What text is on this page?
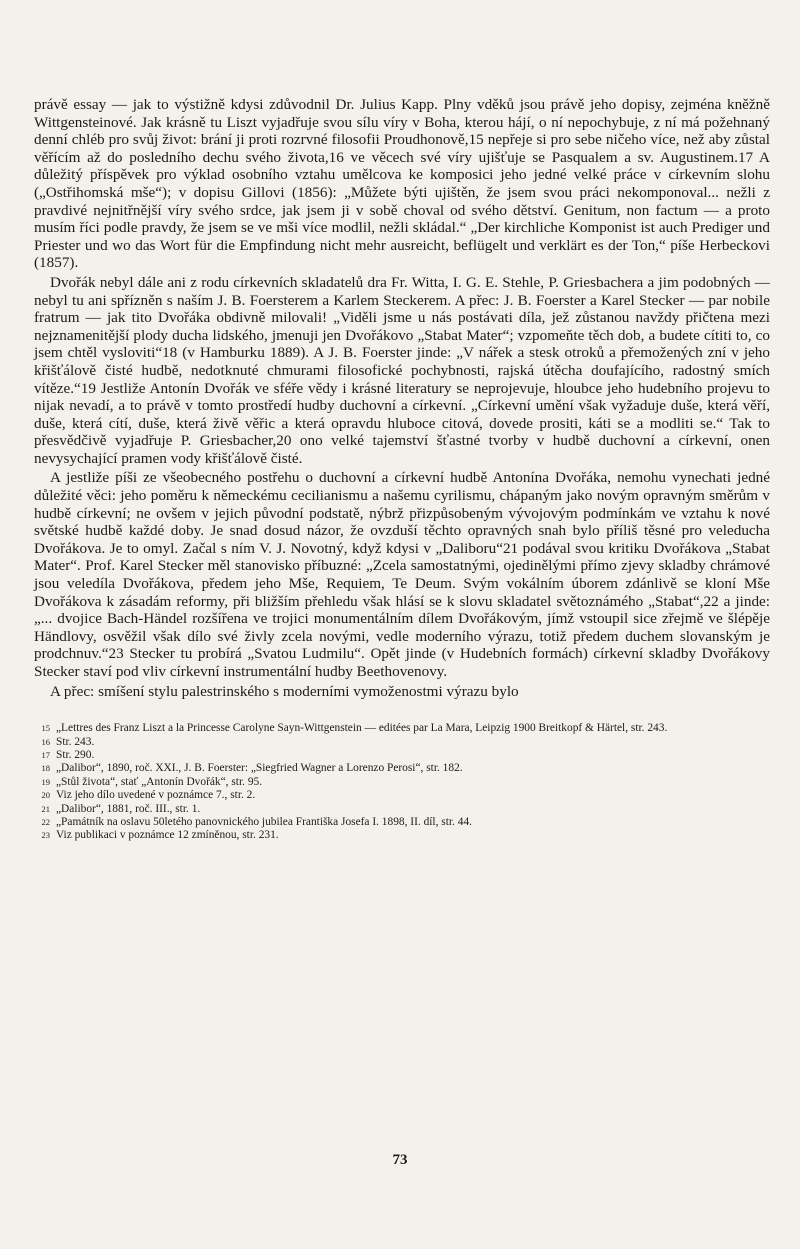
právě essay — jak to výstižně kdysi zdůvodnil Dr. Julius Kapp. Plny vděků jsou právě jeho dopisy, zejména kněžně Wittgensteinové. Jak krásně tu Liszt vyjadřuje svou sílu víry v Boha, kterou hájí, o ní nepochybuje, z ní má požehnaný denní chléb pro svůj život: brání ji proti rozrvné filosofii Proudhonově,15 nepřeje si pro sebe ničeho více, než aby zůstal věřícím až do posledního dechu svého života,16 ve věcech své víry ujišťuje se Pasqualem a sv. Augustinem.17 A důležitý příspěvek pro výklad osobního vztahu umělcova ke komposici jeho jedné velké práce v církevním slohu („Ostřihomská mše“); v dopisu Gillovi (1856): „Můžete býti ujištěn, že jsem svou práci nekomponoval... nežli z pravdivé nejnitřnější víry svého srdce, jak jsem ji v sobě choval od svého dětství. Genitum, non factum — a proto musím říci podle pravdy, že jsem se ve mši více modlil, nežli skládal.“ „Der kirchliche Komponist ist auch Prediger und Priester und wo das Wort für die Empfindung nicht mehr ausreicht, beflügelt und verklärt es der Ton,“ píše Herbeckovi (1857).

Dvořák nebyl dále ani z rodu církevních skladatelů dra Fr. Witta, I. G. E. Stehle, P. Griesbachera a jim podobných — nebyl tu ani spřízněn s naším J. B. Foersterem a Karlem Steckerem. A přec: J. B. Foerster a Karel Stecker — par nobile fratrum — jak tito Dvořáka obdivně milovali! „Viděli jsme u nás postávati díla, jež zůstanou navždy přičtena mezi nejznamenitější plody ducha lidského, jmenuji jen Dvořákovo „Stabat Mater“; vzpomeňte těch dob, a budete cítiti to, co jsem chtěl vysloviti“18 (v Hamburku 1889). A J. B. Foerster jinde: „V nářek a stesk otroků a přemožených zní v jeho křišťálově čisté hudbě, nedotknuté chmurami filosofické pochybnosti, rajská útěcha doufajícího, radostný smích vítěze.“19 Jestliže Antonín Dvořák ve sféře vědy i krásné literatury se neprojevuje, hloubce jeho hudebního projevu to nijak nevadí, a to právě v tomto prostředí hudby duchovní a církevní. „Církevní umění však vyžaduje duše, která věří, duše, která cítí, duše, která živě věřic a která opravdu hluboce citová, dovede prositi, káti se a modliti se.“ Tak to přesvědčivě vyjadřuje P. Griesbacher,20 ono velké tajemství šťastné tvorby v hudbě duchovní a církevní, onen nevysychající pramen vody křišťálově čisté.

A jestliže píši ze všeobecného postřehu o duchovní a církevní hudbě Antonína Dvořáka, nemohu vynechati jedné důležité věci: jeho poměru k německému cecilianismu a našemu cyrilismu, chápaným jako novým opravným směrům v hudbě církevní; ne ovšem v jejich původní podstatě, nýbrž přizpůsobeným vývojovým podmínkám ve vztahu k nové světské hudbě každé doby. Je snad dosud názor, že ovzduší těchto opravných snah bylo příliš těsné pro veleducha Dvořákova. Je to omyl. Začal s ním V. J. Novotný, když kdysi v „Daliboru“21 podával svou kritiku Dvořákova „Stabat Mater“. Prof. Karel Stecker měl stanovisko příbuzné: „Zcela samostatnými, ojedinělými přímo zjevy skladby chrámové jsou veledíla Dvořákova, předem jeho Mše, Requiem, Te Deum. Svým vokálním úborem zdánlivě se kloní Mše Dvořákova k zásadám reformy, při bližším přehledu však hlásí se k slovu skladatel světoznámého „Stabat“,22 a jinde: „... dvojice Bach-Händel rozšířena ve trojici monumentálním dílem Dvořákovým, jímž vstoupil sice zřejmě ve šlépěje Händlovy, osvěžil však dílo své živly zcela novými, vedle moderního výrazu, totiž předem duchem slovanským je prodchnuv.“23 Stecker tu probírá „Svatou Ludmilu“. Opět jinde (v Hudebních formách) církevní skladby Dvořákovy Stecker staví pod vliv církevní instrumentální hudby Beethovenovy.

A přec: smíšení stylu palestrinského s moderními vymoženostmi výrazu bylo

15 „Lettres des Franz Liszt a la Princesse Carolyne Sayn-Wittgenstein — editées par La Mara, Leipzig 1900 Breitkopf & Härtel, str. 243.
16 Str. 243.
17 Str. 290.
18 „Dalibor“, 1890, roč. XXI., J. B. Foerster: „Siegfried Wagner a Lorenzo Perosi“, str. 182.
19 „Stůl života“, stať „Antonín Dvořák“, str. 95.
20 Viz jeho dílo uvedené v poznámce 7., str. 2.
21 „Dalibor“, 1881, roč. III., str. 1.
22 „Památník na oslavu 50letého panovnického jubilea Františka Josefa I. 1898, II. díl, str. 44.
23 Viz publikaci v poznámce 12 zmíněnou, str. 231.
73
